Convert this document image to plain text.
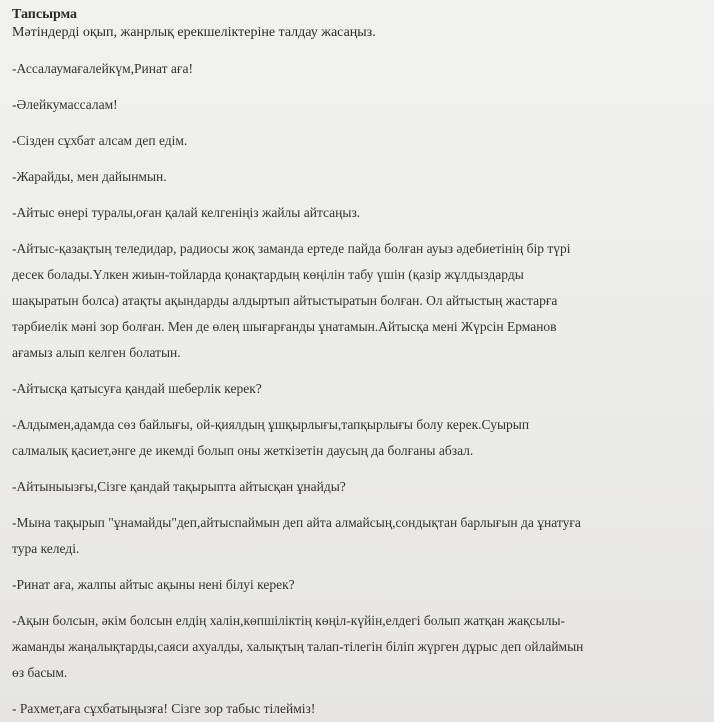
Тапсырма

Мәтіндерді оқып, жанрлық ерекшеліктеріне талдау жасаңыз.

-Ассалаумағалейкүм,Ринат аға!

-Әлейкумассалам!

-Сізден сұхбат алсам деп едім.

-Жарайды, мен дайынмын.

-Айтыс өнері туралы,оған қалай келгеніңіз жайлы айтсаңыз.

-Айтыс-қазақтың теледидар, радиосы жоқ заманда ертеде пайда болған ауыз әдебиетінің бір түрі

десек болады.Үлкен жиын-тойларда қонақтардың көңілін табу үшін (қазір жұлдыздарды

шақыратын болса) атақты ақындарды алдыртып айтыстыратын болған. Ол айтыстың жастарға

тәрбиелік мәні зор болған. Мен де өлең шығарғанды ұнатамын.Айтысқа мені Жүрсін Ерманов

ағамыз алып келген болатын.

-Айтысқа қатысуға қандай шеберлік керек?

-Алдымен,адамда сөз байлығы, ой-қиялдың ұшқырлығы,тапқырлығы болу керек.Суырып

салмалық қасиет,әнге де икемді болып оны жеткізетін даусың да болғаны абзал.

-Айтыныызғы,Сізге қандай тақырыпта айтысқан ұнайды?

-Мына тақырып "ұнамайды"деп,айтыспаймын деп айта алмайсың,сондықтан барлығын да ұнатуға

тура келеді.

-Ринат аға, жалпы айтыс ақыны нені білуі керек?

-Ақын болсын, әкім болсын елдің халін,көпшіліктің көңіл-күйін,елдегі болып жатқан жақсылы-

жаманды жаңалықтарды,саяси ахуалды, халықтың талап-тілегін біліп жүрген дұрыс деп ойлаймын

өз басым.

- Рахмет,аға сұхбатыңызға! Сізге зор табыс тілейміз!
